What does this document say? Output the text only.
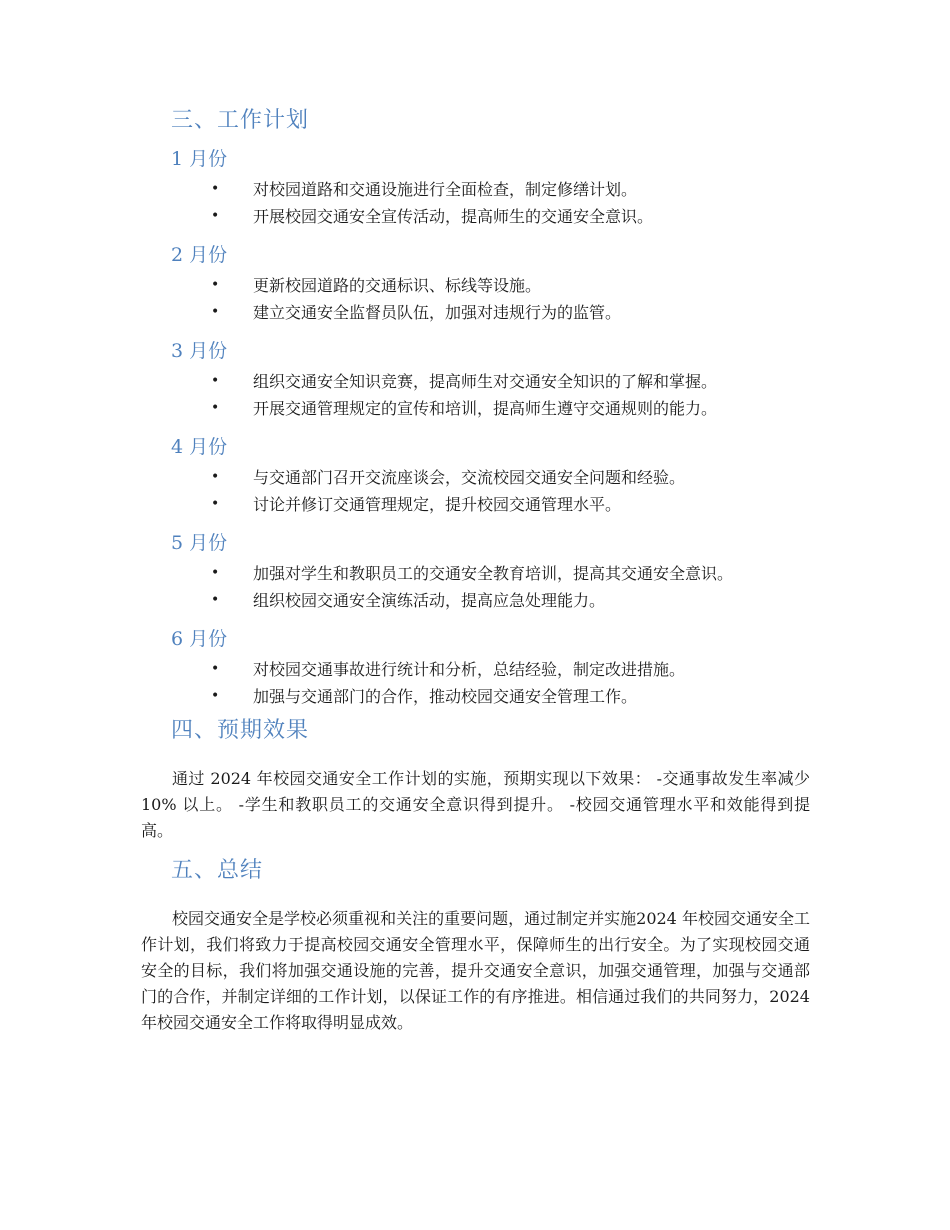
三、工作计划
1 月份
• 对校园道路和交通设施进行全面检查，制定修缮计划。
• 开展校园交通安全宣传活动，提高师生的交通安全意识。
2 月份
• 更新校园道路的交通标识、标线等设施。
• 建立交通安全监督员队伍，加强对违规行为的监管。
3 月份
• 组织交通安全知识竞赛，提高师生对交通安全知识的了解和掌握。
• 开展交通管理规定的宣传和培训，提高师生遵守交通规则的能力。
4 月份
• 与交通部门召开交流座谈会，交流校园交通安全问题和经验。
• 讨论并修订交通管理规定，提升校园交通管理水平。
5 月份
• 加强对学生和教职员工的交通安全教育培训，提高其交通安全意识。
• 组织校园交通安全演练活动，提高应急处理能力。
6 月份
• 对校园交通事故进行统计和分析，总结经验，制定改进措施。
• 加强与交通部门的合作，推动校园交通安全管理工作。
四、预期效果

通过 2024 年校园交通安全工作计划的实施，预期实现以下效果： -交通事故发生率减少 10% 以上。 -学生和教职员工的交通安全意识得到提升。 -校园交通管理水平和效能得到提高。

五、总结

校园交通安全是学校必须重视和关注的重要问题，通过制定并实施2024 年校园交通安全工作计划，我们将致力于提高校园交通安全管理水平，保障师生的出行安全。为了实现校园交通安全的目标，我们将加强交通设施的完善，提升交通安全意识，加强交通管理，加强与交通部门的合作，并制定详细的工作计划，以保证工作的有序推进。相信通过我们的共同努力，2024 年校园交通安全工作将取得明显成效。
